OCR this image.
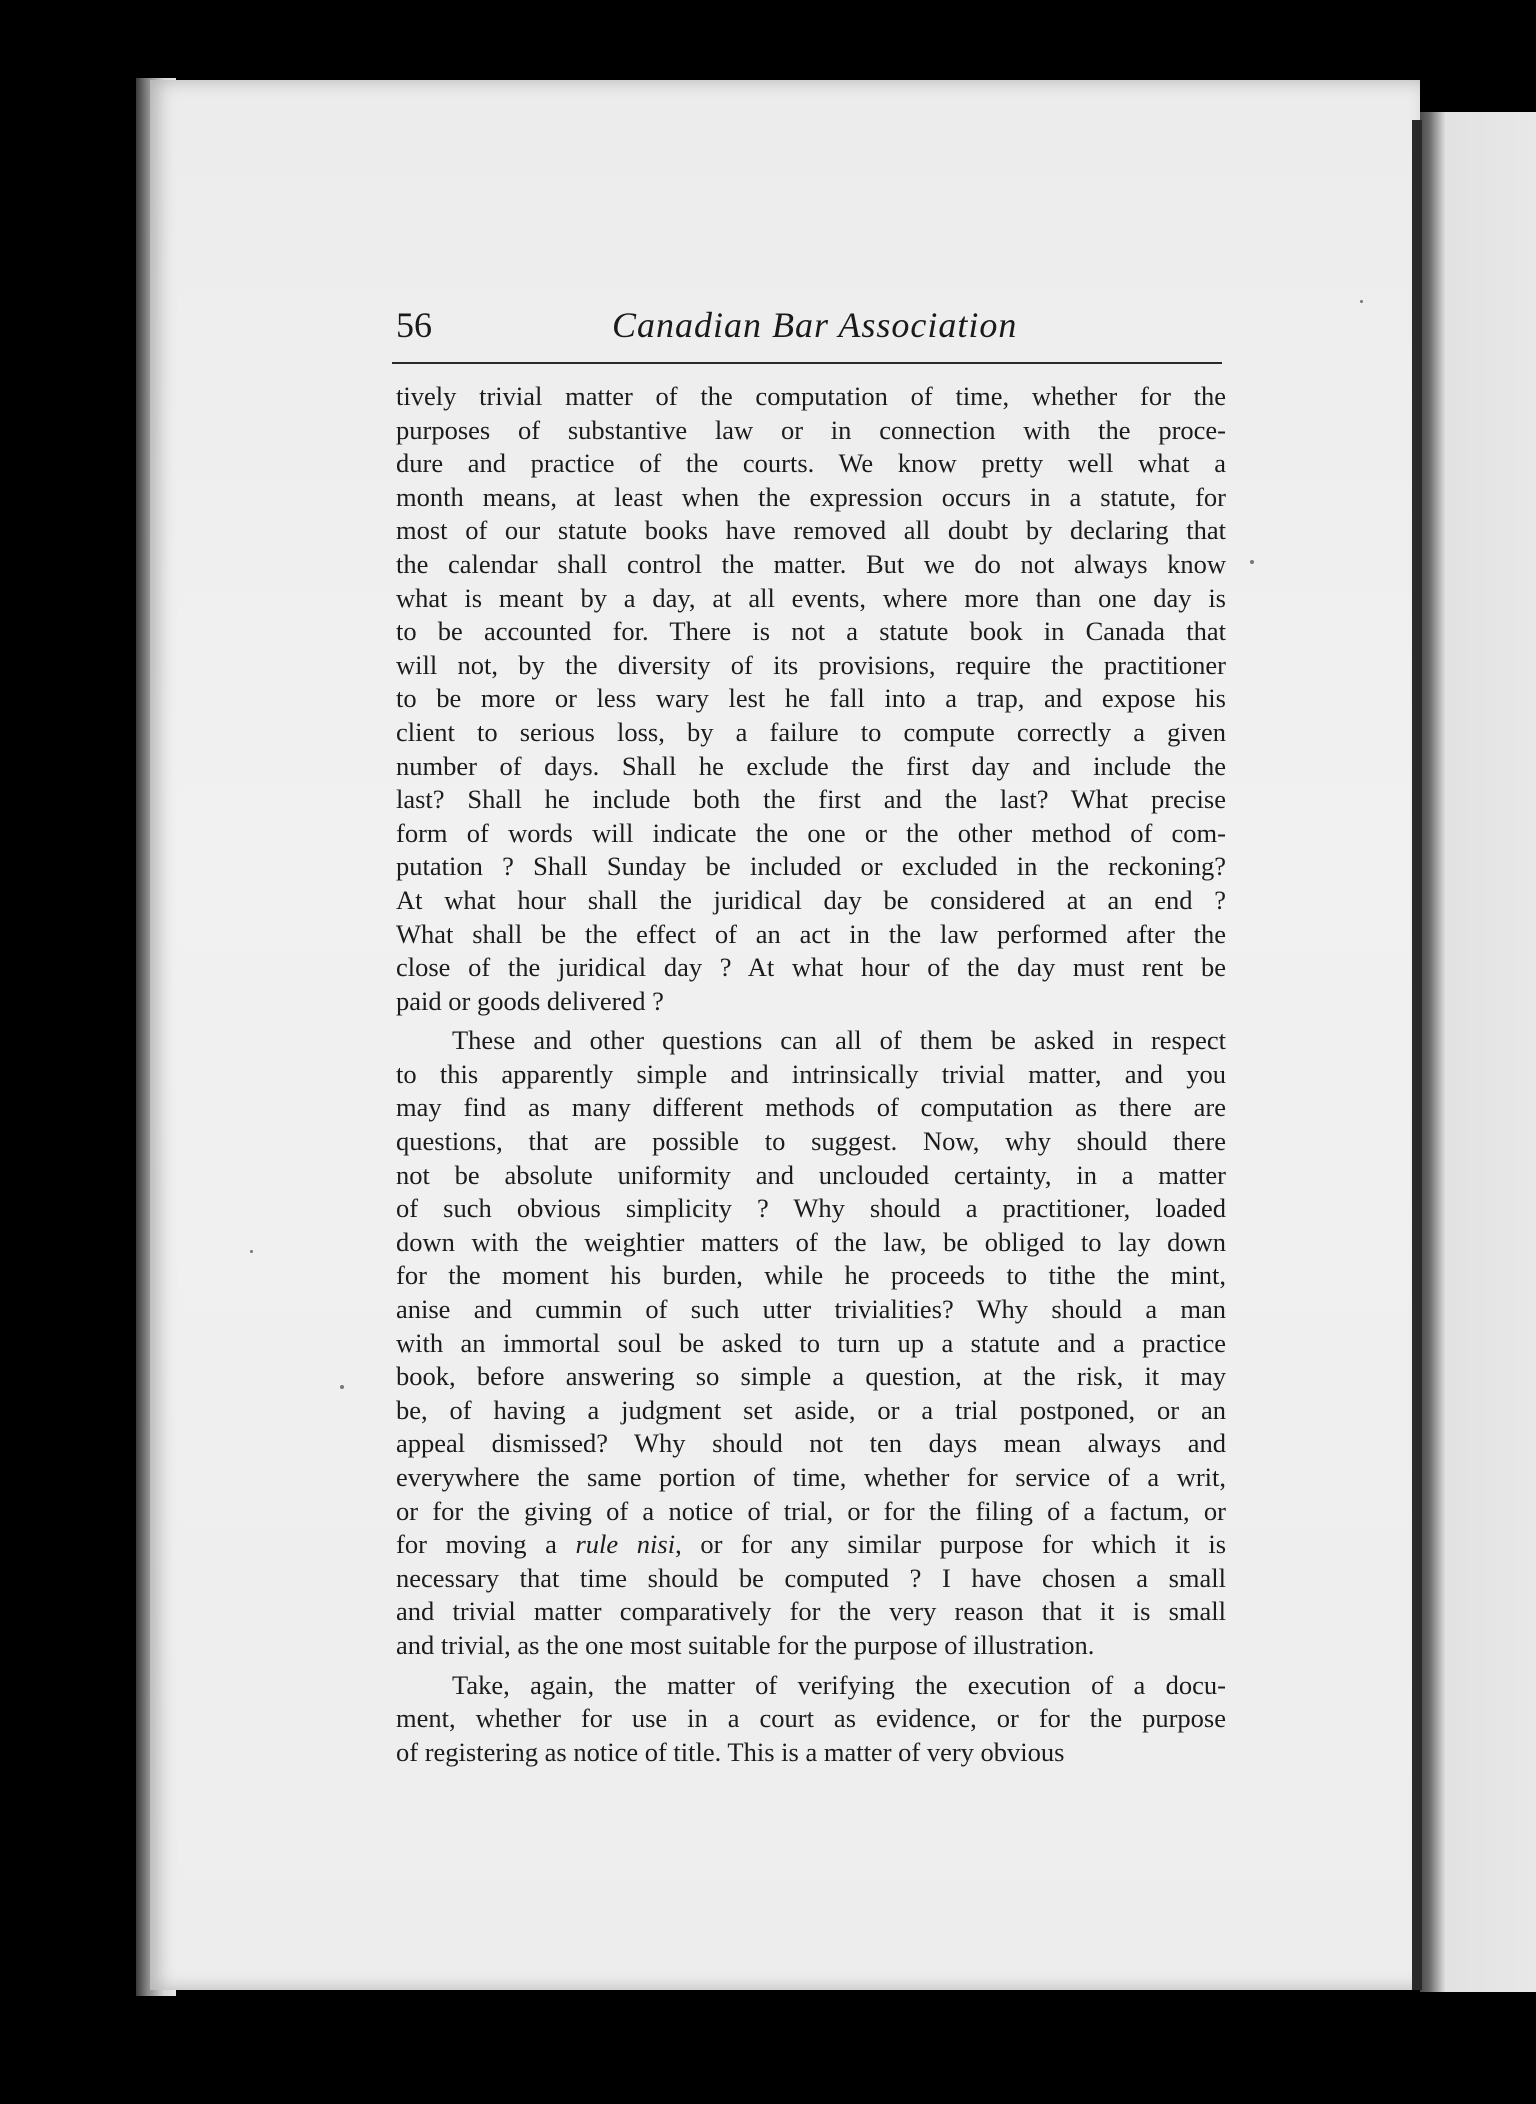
56	Canadian Bar Association
tively trivial matter of the computation of time, whether for the
purposes of substantive law or in connection with the proce-
dure and practice of the courts. We know pretty well what a
month means, at least when the expression occurs in a statute, for
most of our statute books have removed all doubt by declaring that
the calendar shall control the matter. But we do not always know
what is meant by a day, at all events, where more than one day is
to be accounted for. There is not a statute book in Canada that
will not, by the diversity of its provisions, require the practitioner
to be more or less wary lest he fall into a trap, and expose his
client to serious loss, by a failure to compute correctly a given
number of days. Shall he exclude the first day and include the
last? Shall he include both the first and the last? What precise
form of words will indicate the one or the other method of com-
putation ? Shall Sunday be included or excluded in the reckoning?
At what hour shall the juridical day be considered at an end ?
What shall be the effect of an act in the law performed after the
close of the juridical day ? At what hour of the day must rent be
paid or goods delivered ?
These and other questions can all of them be asked in respect
to this apparently simple and intrinsically trivial matter, and you
may find as many different methods of computation as there are
questions, that are possible to suggest. Now, why should there
not be absolute uniformity and unclouded certainty, in a matter
of such obvious simplicity ? Why should a practitioner, loaded
down with the weightier matters of the law, be obliged to lay down
for the moment his burden, while he proceeds to tithe the mint,
anise and cummin of such utter trivialities? Why should a man
with an immortal soul be asked to turn up a statute and a practice
book, before answering so simple a question, at the risk, it may
be, of having a judgment set aside, or a trial postponed, or an
appeal dismissed? Why should not ten days mean always and
everywhere the same portion of time, whether for service of a writ,
or for the giving of a notice of trial, or for the filing of a factum, or
for moving a rule nisi, or for any similar purpose for which it is
necessary that time should be computed ? I have chosen a small
and trivial matter comparatively for the very reason that it is small
and trivial, as the one most suitable for the purpose of illustration.
Take, again, the matter of verifying the execution of a docu-
ment, whether for use in a court as evidence, or for the purpose
of registering as notice of title. This is a matter of very obvious
